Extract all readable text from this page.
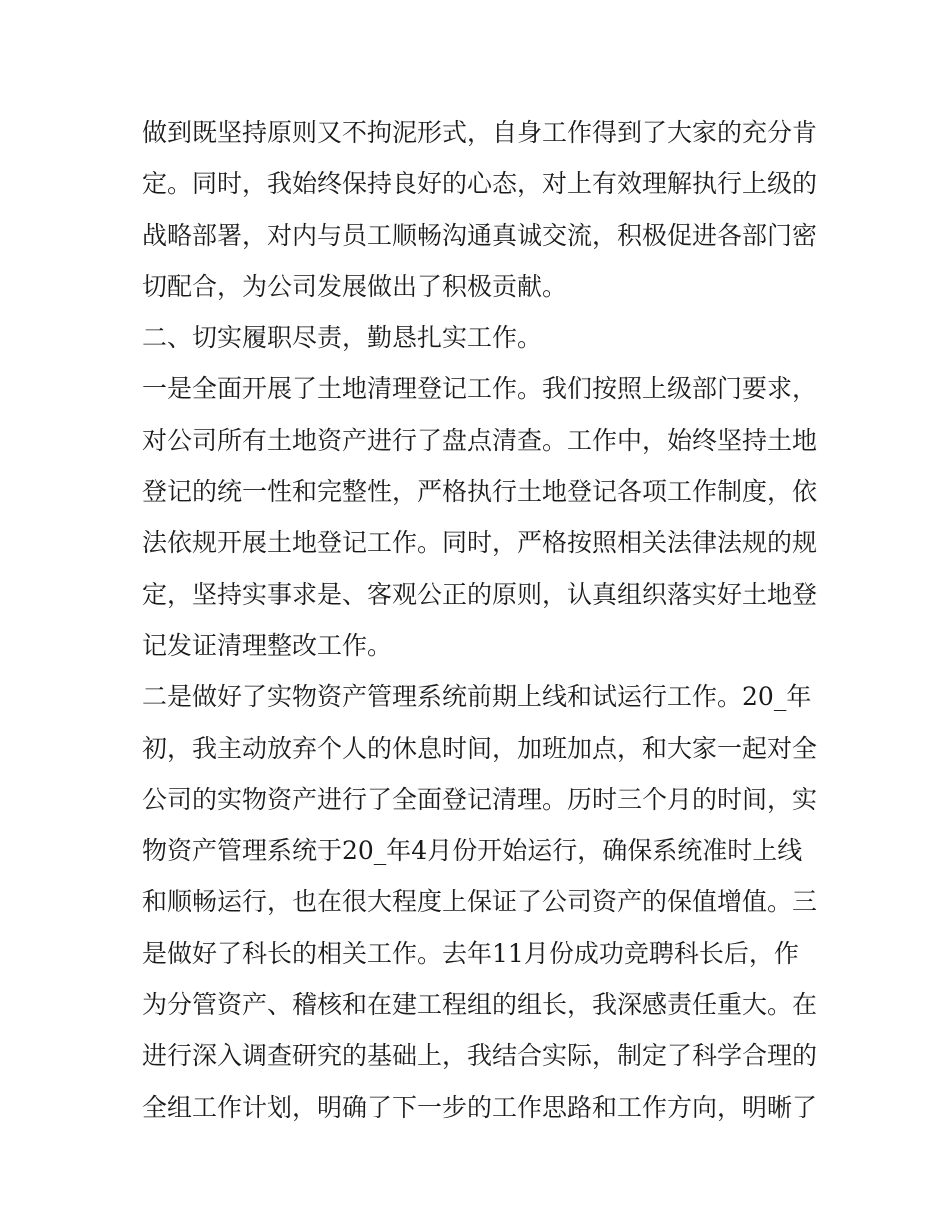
做到既坚持原则又不拘泥形式，自身工作得到了大家的充分肯
定。同时，我始终保持良好的心态，对上有效理解执行上级的
战略部署，对内与员工顺畅沟通真诚交流，积极促进各部门密
切配合，为公司发展做出了积极贡献。
二、切实履职尽责，勤恳扎实工作。
一是全面开展了土地清理登记工作。我们按照上级部门要求，
对公司所有土地资产进行了盘点清查。工作中，始终坚持土地
登记的统一性和完整性，严格执行土地登记各项工作制度，依
法依规开展土地登记工作。同时，严格按照相关法律法规的规
定，坚持实事求是、客观公正的原则，认真组织落实好土地登
记发证清理整改工作。
二是做好了实物资产管理系统前期上线和试运行工作。20_年
初，我主动放弃个人的休息时间，加班加点，和大家一起对全
公司的实物资产进行了全面登记清理。历时三个月的时间，实
物资产管理系统于20_年4月份开始运行，确保系统准时上线
和顺畅运行，也在很大程度上保证了公司资产的保值增值。三
是做好了科长的相关工作。去年11月份成功竞聘科长后，作
为分管资产、稽核和在建工程组的组长，我深感责任重大。在
进行深入调查研究的基础上，我结合实际，制定了科学合理的
全组工作计划，明确了下一步的工作思路和工作方向，明晰了
